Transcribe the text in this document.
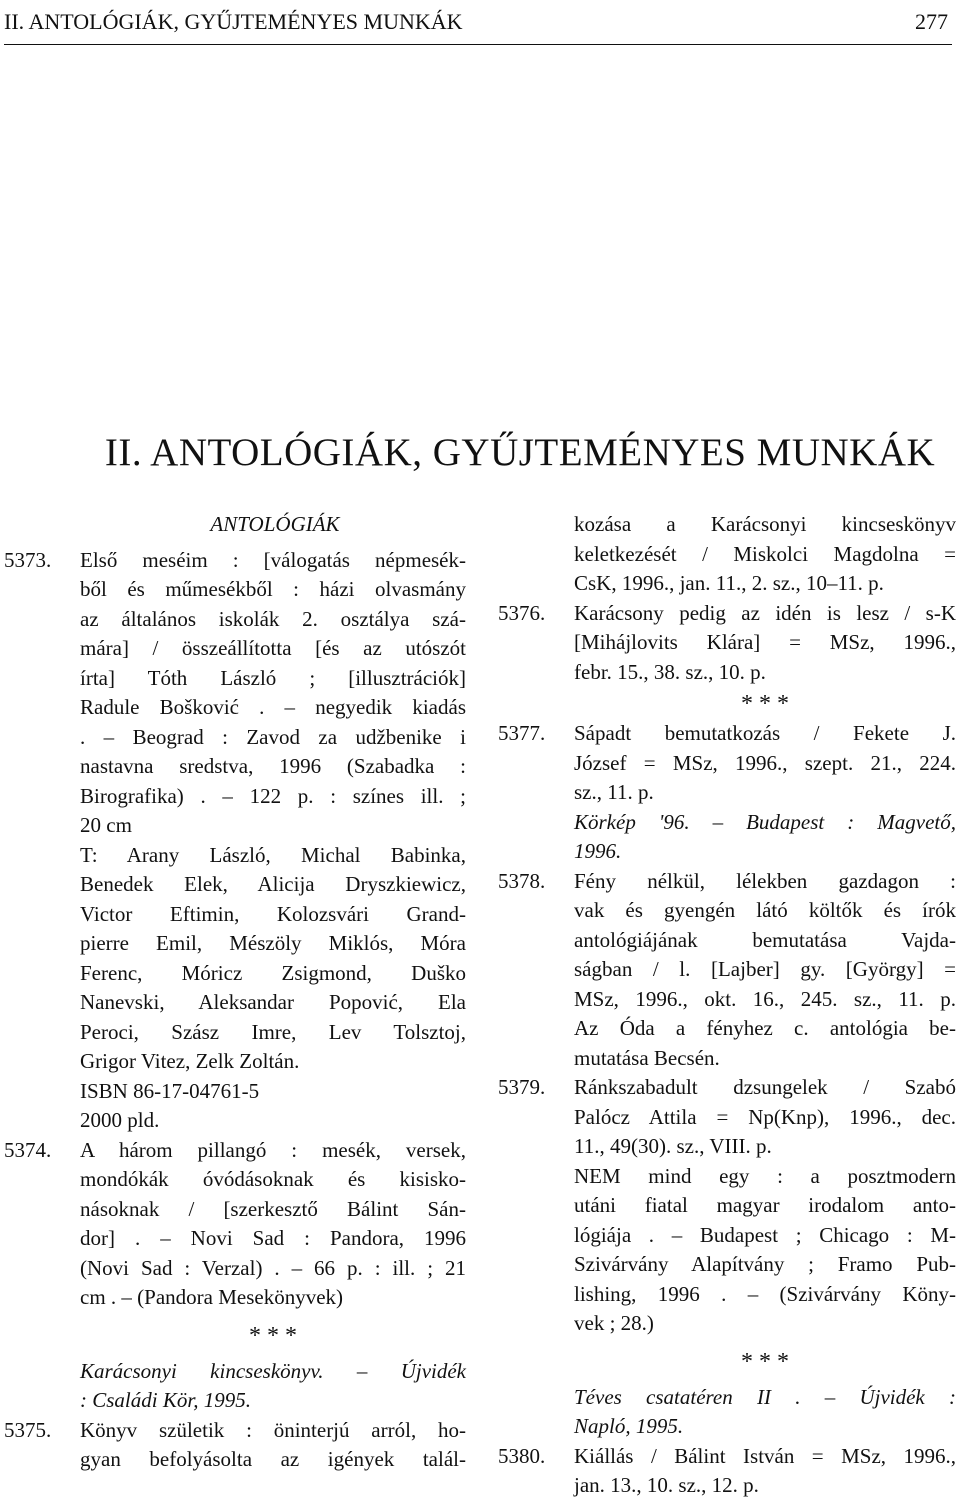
II. ANTOLÓGIÁK, GYŰJTEMÉNYES MUNKÁK	277
II. ANTOLÓGIÁK, GYŰJTEMÉNYES MUNKÁK
ANTOLÓGIÁK
5373.	Első meséim : [válogatás népmesék-
ből és műmesékből : házi olvasmány
az általános iskolák 2. osztálya szá-
mára] / összeállította [és az utószót
írta] Tóth László ; [illusztrációk]
Radule Bošković . – negyedik kiadás
. – Beograd : Zavod za udžbenike i
nastavna sredstva, 1996 (Szabadka :
Birografika) . – 122 p. : színes ill. ;
20 cm
T: Arany László, Michal Babinka,
Benedek Elek, Alicija Dryszkiewicz,
Victor Eftimin, Kolozsvári Grand-
pierre Emil, Mészöly Miklós, Móra
Ferenc, Móricz Zsigmond, Duško
Nanevski, Aleksandar Popović, Ela
Peroci, Szász Imre, Lev Tolsztoj,
Grigor Vitez, Zelk Zoltán.
ISBN 86-17-04761-5
2000 pld.
5374.	A három pillangó : mesék, versek,
mondókák óvódásoknak és kisisko-
násoknak / [szerkesztő Bálint Sán-
dor] . – Novi Sad : Pandora, 1996
(Novi Sad : Verzal) . – 66 p. : ill. ; 21
cm . – (Pandora Mesekönyvek)
* * *
Karácsonyi kincseskönyv. – Újvidék
: Családi Kör, 1995.
5375.	Könyv születik : öninterjú arról, ho-
gyan befolyásolta az igények talál-
kozása a Karácsonyi kincseskönyv
keletkezését / Miskolci Magdolna =
CsK, 1996., jan. 11., 2. sz., 10–11. p.
5376.	Karácsony pedig az idén is lesz / s-K
[Mihájlovits Klára] = MSz, 1996.,
febr. 15., 38. sz., 10. p.
* * *
5377.	Sápadt bemutatkozás / Fekete J.
József = MSz, 1996., szept. 21., 224.
sz., 11. p.
Körkép '96. – Budapest : Magvető,
1996.
5378.	Fény nélkül, lélekben gazdagon :
vak és gyengén látó költők és írók
antológiájának bemutatása Vajda-
ságban / l. [Lajber] gy. [György] =
MSz, 1996., okt. 16., 245. sz., 11. p.
Az Óda a fényhez c. antológia be-
mutatása Becsén.
5379.	Ránkszabadult dzsungelek / Szabó
Palócz Attila = Np(Knp), 1996., dec.
11., 49(30). sz., VIII. p.
NEM mind egy : a posztmodern
utáni fiatal magyar irodalom anto-
lógiája . – Budapest ; Chicago : M-
Szivárvány Alapítvány ; Framo Pub-
lishing, 1996 . – (Szivárvány Köny-
vek ; 28.)
* * *
Téves csatatéren II . – Újvidék :
Napló, 1995.
5380.	Kiállás / Bálint István = MSz, 1996.,
jan. 13., 10. sz., 12. p.
